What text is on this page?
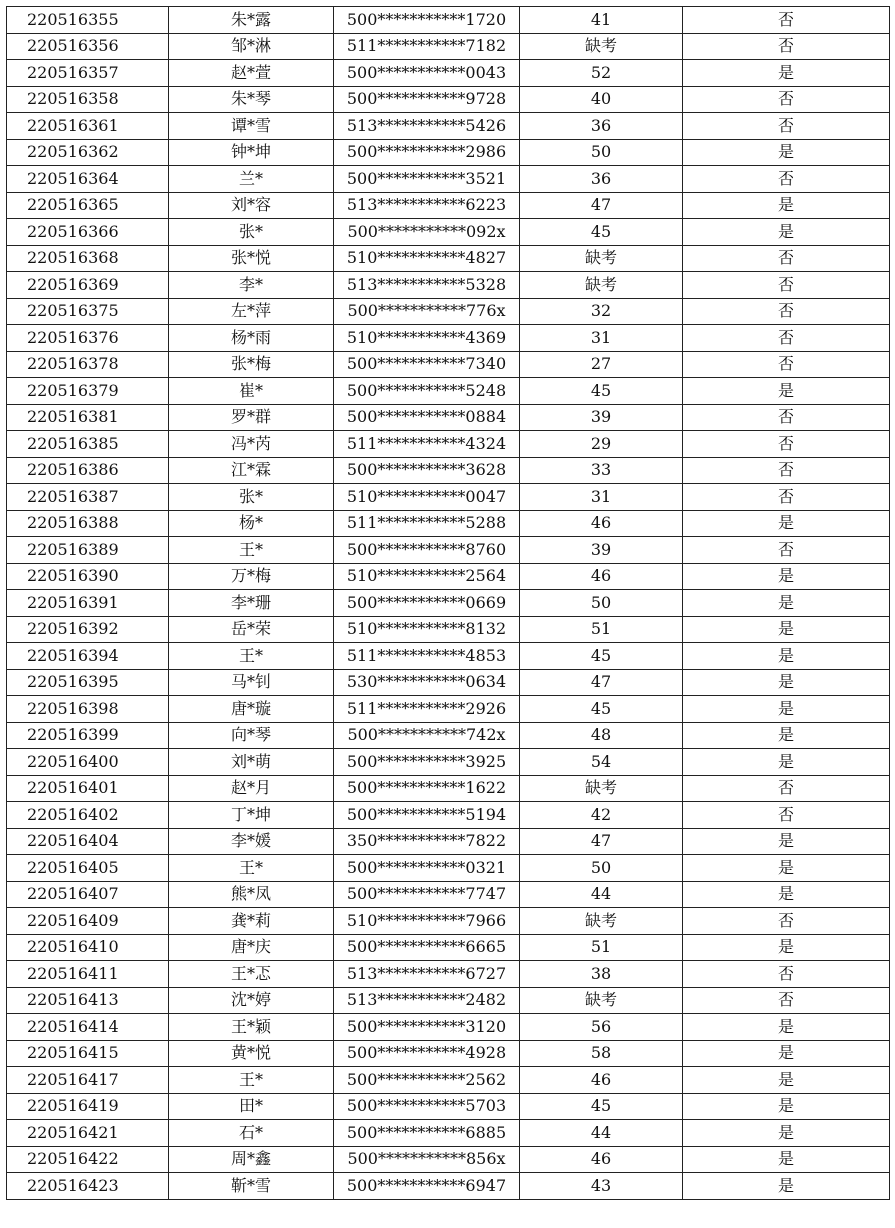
220516355	朱*露	500***********1720	41	否
220516356	邹*淋	511***********7182	缺考	否
220516357	赵*萱	500***********0043	52	是
220516358	朱*琴	500***********9728	40	否
220516361	谭*雪	513***********5426	36	否
220516362	钟*坤	500***********2986	50	是
220516364	兰*	500***********3521	36	否
220516365	刘*容	513***********6223	47	是
220516366	张*	500***********092x	45	是
220516368	张*悦	510***********4827	缺考	否
220516369	李*	513***********5328	缺考	否
220516375	左*萍	500***********776x	32	否
220516376	杨*雨	510***********4369	31	否
220516378	张*梅	500***********7340	27	否
220516379	崔*	500***********5248	45	是
220516381	罗*群	500***********0884	39	否
220516385	冯*芮	511***********4324	29	否
220516386	江*霖	500***********3628	33	否
220516387	张*	510***********0047	31	否
220516388	杨*	511***********5288	46	是
220516389	王*	500***********8760	39	否
220516390	万*梅	510***********2564	46	是
220516391	李*珊	500***********0669	50	是
220516392	岳*荣	510***********8132	51	是
220516394	王*	511***********4853	45	是
220516395	马*钊	530***********0634	47	是
220516398	唐*璇	511***********2926	45	是
220516399	向*琴	500***********742x	48	是
220516400	刘*萌	500***********3925	54	是
220516401	赵*月	500***********1622	缺考	否
220516402	丁*坤	500***********5194	42	否
220516404	李*媛	350***********7822	47	是
220516405	王*	500***********0321	50	是
220516407	熊*凤	500***********7747	44	是
220516409	龚*莉	510***********7966	缺考	否
220516410	唐*庆	500***********6665	51	是
220516411	王*忑	513***********6727	38	否
220516413	沈*婷	513***********2482	缺考	否
220516414	王*颖	500***********3120	56	是
220516415	黄*悦	500***********4928	58	是
220516417	王*	500***********2562	46	是
220516419	田*	500***********5703	45	是
220516421	石*	500***********6885	44	是
220516422	周*鑫	500***********856x	46	是
220516423	靳*雪	500***********6947	43	是
